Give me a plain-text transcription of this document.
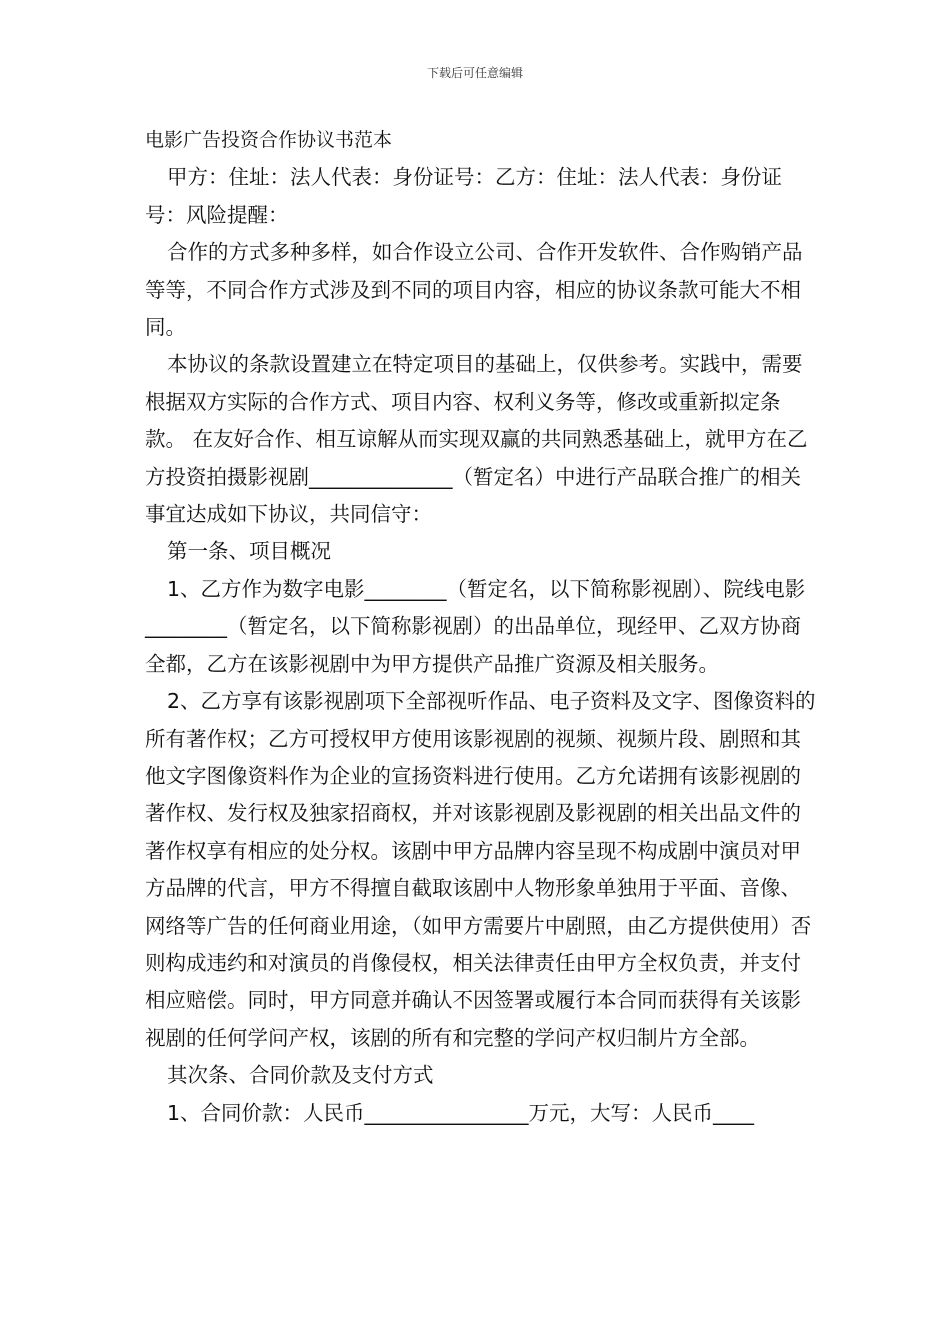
下载后可任意编辑

电影广告投资合作协议书范本

甲方：住址：法人代表：身份证号：乙方：住址：法人代表：身份证号：风险提醒：

合作的方式多种多样，如合作设立公司、合作开发软件、合作购销产品等等，不同合作方式涉及到不同的项目内容，相应的协议条款可能大不相同。

本协议的条款设置建立在特定项目的基础上，仅供参考。实践中，需要根据双方实际的合作方式、项目内容、权利义务等，修改或重新拟定条款。 在友好合作、相互谅解从而实现双赢的共同熟悉基础上，就甲方在乙方投资拍摄影视剧______________（暂定名）中进行产品联合推广的相关事宜达成如下协议，共同信守：

第一条、项目概况

1、乙方作为数字电影________（暂定名，以下简称影视剧）、院线电影________（暂定名，以下简称影视剧）的出品单位，现经甲、乙双方协商全都，乙方在该影视剧中为甲方提供产品推广资源及相关服务。

2、乙方享有该影视剧项下全部视听作品、电子资料及文字、图像资料的所有著作权；乙方可授权甲方使用该影视剧的视频、视频片段、剧照和其他文字图像资料作为企业的宣扬资料进行使用。乙方允诺拥有该影视剧的著作权、发行权及独家招商权，并对该影视剧及影视剧的相关出品文件的著作权享有相应的处分权。该剧中甲方品牌内容呈现不构成剧中演员对甲方品牌的代言，甲方不得擅自截取该剧中人物形象单独用于平面、音像、网络等广告的任何商业用途，（如甲方需要片中剧照，由乙方提供使用）否则构成违约和对演员的肖像侵权，相关法律责任由甲方全权负责，并支付相应赔偿。同时，甲方同意并确认不因签署或履行本合同而获得有关该影视剧的任何学问产权，该剧的所有和完整的学问产权归制片方全部。

其次条、合同价款及支付方式

1、合同价款：人民币________________万元，大写：人民币____
